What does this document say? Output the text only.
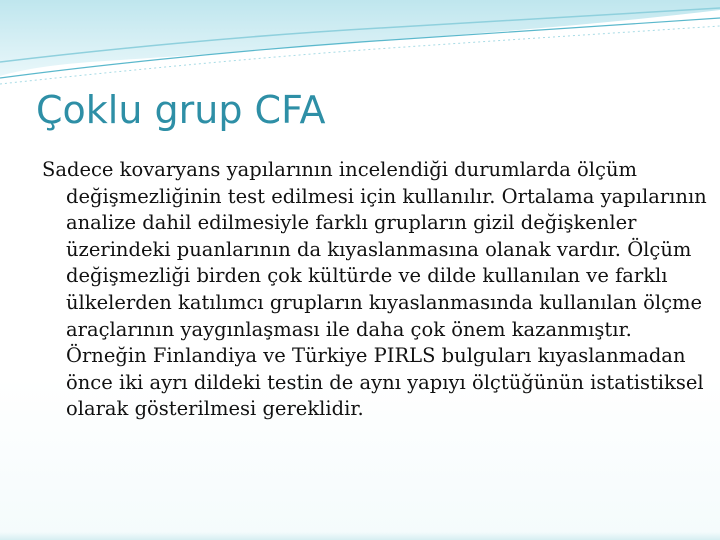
Çoklu grup CFA

Sadece kovaryans yapılarının incelendiği durumlarda ölçüm değişmezliğinin test edilmesi için kullanılır. Ortalama yapılarının analize dahil edilmesiyle farklı grupların gizil değişkenler üzerindeki puanlarının da kıyaslanmasına olanak vardır. Ölçüm değişmezliği birden çok kültürde ve dilde kullanılan ve farklı ülkelerden katılımcı grupların kıyaslanmasında kullanılan ölçme araçlarının yaygınlaşması ile daha çok önem kazanmıştır. Örneğin Finlandiya ve Türkiye PIRLS bulguları kıyaslanmadan önce iki ayrı dildeki testin de aynı yapıyı ölçtüğünün istatistiksel olarak gösterilmesi gereklidir.
